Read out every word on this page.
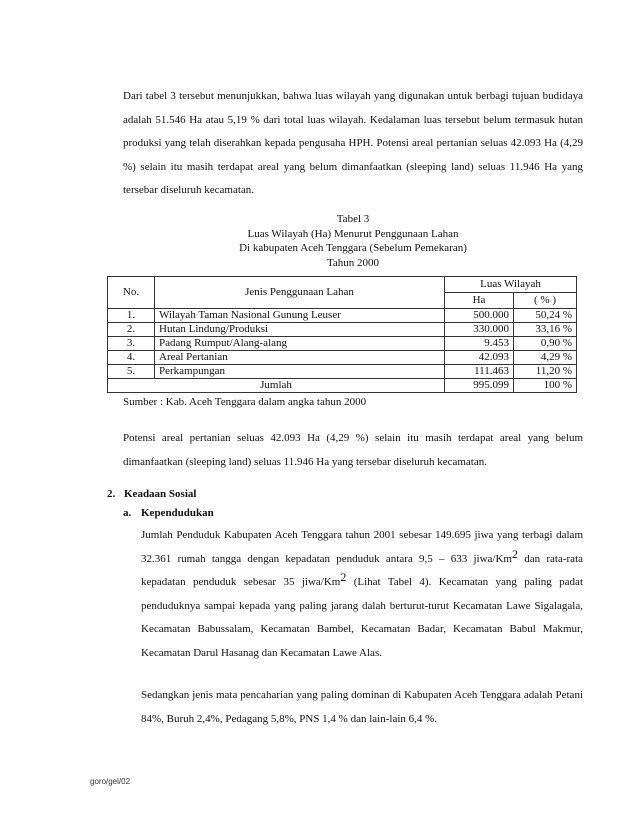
Dari tabel 3 tersebut menunjukkan, bahwa luas wilayah yang digunakan untuk berbagi tujuan budidaya adalah 51.546 Ha atau 5,19 % dari total luas wilayah. Kedalaman luas tersebut belum termasuk hutan produksi yang telah diserahkan kepada pengusaha HPH. Potensi areal pertanian seluas 42.093 Ha (4,29 %) selain itu masih terdapat areal yang belum dimanfaatkan (sleeping land) seluas 11.946 Ha yang tersebar diseluruh kecamatan.

Tabel 3
Luas Wilayah (Ha) Menurut Penggunaan Lahan
Di kabupaten Aceh Tenggara (Sebelum Pemekaran)
Tahun 2000
No.	Jenis Penggunaan Lahan	Luas Wilayah	
		Ha	( % )
1.	Wilayah Taman Nasional Gunung Leuser	500.000	50,24 %
2.	Hutan Lindung/Produksi	330.000	33,16 %
3.	Padang Rumput/Alang-alang	9.453	0,90 %
4.	Areal Pertanian	42.093	4,29 %
5.	Perkampungan	111.463	11,20 %
Jumlah		995.099	100 %
Sumber : Kab. Aceh Tenggara dalam angka tahun 2000

Potensi areal pertanian seluas 42.093 Ha (4,29 %) selain itu masih terdapat areal yang belum dimanfaatkan (sleeping land) seluas 11.946 Ha yang tersebar diseluruh kecamatan.

2. Keadaan Sosial
a. Kependudukan

Jumlah Penduduk Kabupaten Aceh Tenggara tahun 2001 sebesar 149.695 jiwa yang terbagi dalam 32.361 rumah tangga dengan kepadatan penduduk antara 9,5 – 633 jiwa/Km$^2$ dan rata-rata kepadatan penduduk sebesar 35 jiwa/Km$^2$ (Lihat Tabel 4). Kecamatan yang paling padat penduduknya sampai kepada yang paling jarang dalah berturut-turut Kecamatan Lawe Sigalagala, Kecamatan Babussalam, Kecamatan Bambel, Kecamatan Badar, Kecamatan Babul Makmur, Kecamatan Darul Hasanag dan Kecamatan Lawe Alas.

Sedangkan jenis mata pencaharian yang paling dominan di Kabupaten Aceh Tenggara adalah Petani 84%, Buruh 2,4%, Pedagang 5,8%, PNS 1,4 % dan lain-lain 6,4 %.

goro/gel/02
